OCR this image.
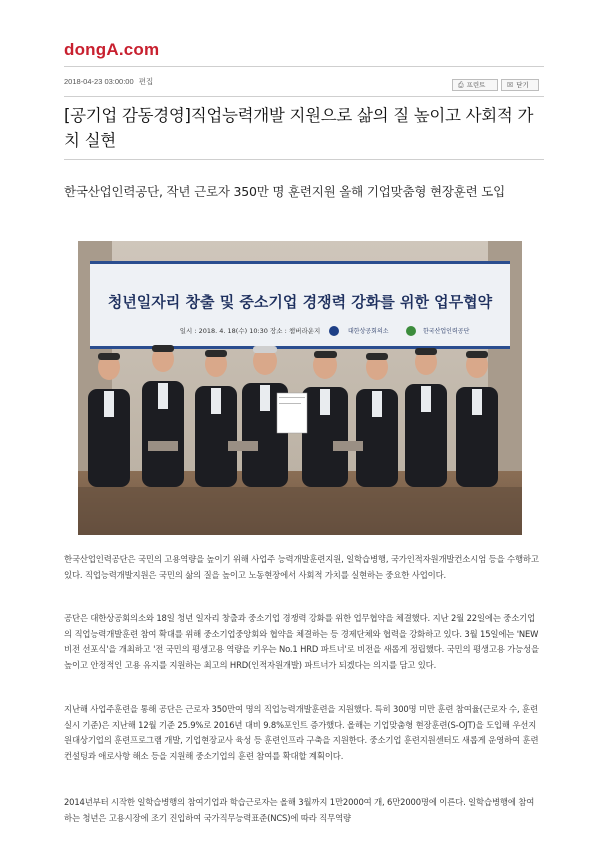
dongA.com
2018-04-23 03:00:00 편집	⎙ 프린트	☒ 닫기
[공기업 감동경영]직업능력개발 지원으로 삶의 질 높이고 사회적 가치 실현
한국산업인력공단, 작년 근로자 350만 명 훈련지원 올해 기업맞춤형 현장훈련 도입
청년일자리 창출 및 중소기업 경쟁력 강화를 위한 업무협약
일시 : 2018. 4. 18(수) 10:30 장소 : 챔버라운지	대한상공회의소	한국산업인력공단
한국산업인력공단은 국민의 고용역량을 높이기 위해 사업주 능력개발훈련지원, 일학습병행, 국가인적자원개발컨소시엄 등을 수행하고 있다. 직업능력개발지원은 국민의 삶의 질을 높이고 노동현장에서 사회적 가치를 실현하는 중요한 사업이다.
공단은 대한상공회의소와 18일 청년 일자리 창출과 중소기업 경쟁력 강화를 위한 업무협약을 체결했다. 지난 2월 22일에는 중소기업의 직업능력개발훈련 참여 확대를 위해 중소기업중앙회와 협약을 체결하는 등 경제단체와 협력을 강화하고 있다. 3월 15일에는 'NEW 비전 선포식'을 개최하고 '전 국민의 평생고용 역량을 키우는 No.1 HRD 파트너'로 비전을 새롭게 정립했다. 국민의 평생고용 가능성을 높이고 안정적인 고용 유지를 지원하는 최고의 HRD(인적자원개발) 파트너가 되겠다는 의지를 담고 있다.
지난해 사업주훈련을 통해 공단은 근로자 350만여 명의 직업능력개발훈련을 지원했다. 특히 300명 미만 훈련 참여율(근로자 수, 훈련실시 기준)은 지난해 12월 기준 25.9%로 2016년 대비 9.8%포인트 증가했다. 올해는 기업맞춤형 현장훈련(S-OJT)을 도입해 우선지원대상기업의 훈련프로그램 개발, 기업현장교사 육성 등 훈련인프라 구축을 지원한다. 중소기업 훈련지원센터도 새롭게 운영하여 훈련컨설팅과 애로사항 해소 등을 지원해 중소기업의 훈련 참여를 확대할 계획이다.
2014년부터 시작한 일학습병행의 참여기업과 학습근로자는 올해 3월까지 1만2000여 개, 6만2000명에 이른다. 일학습병행에 참여하는 청년은 고용시장에 조기 진입하여 국가직무능력표준(NCS)에 따라 직무역량
